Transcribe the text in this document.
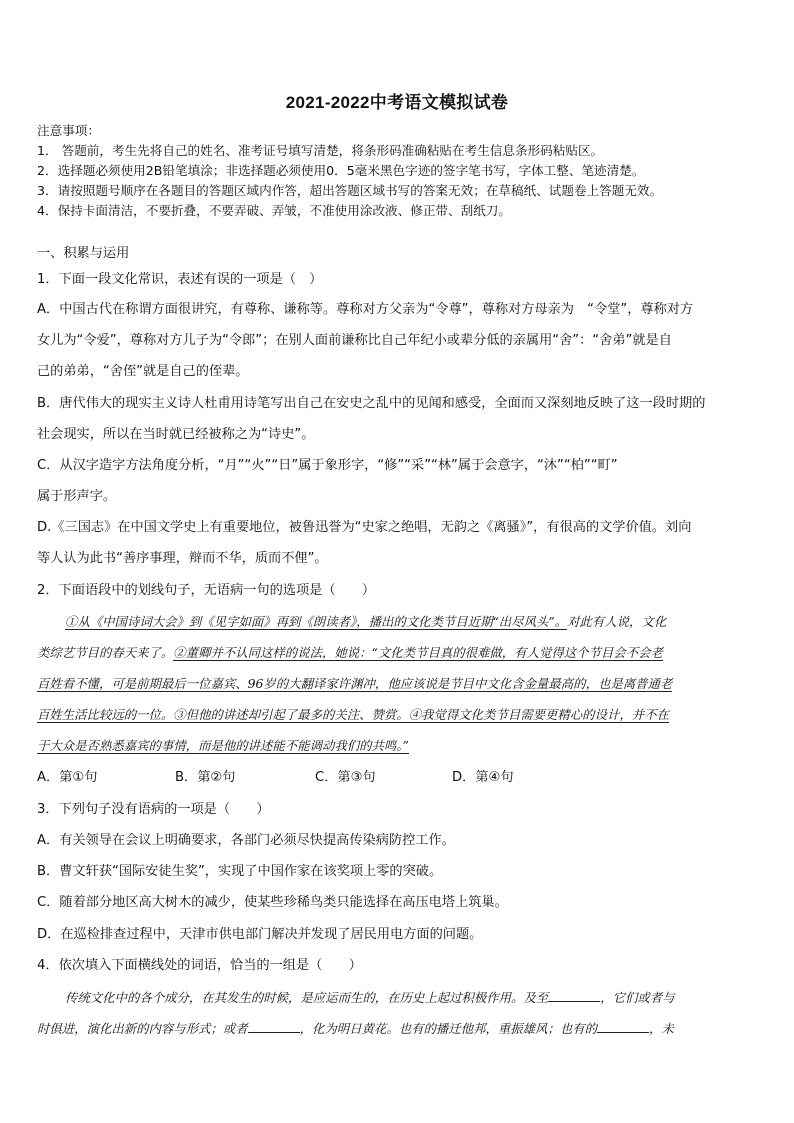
2021-2022中考语文模拟试卷
注意事项：
1． 答题前，考生先将自己的姓名、准考证号填写清楚，将条形码准确粘贴在考生信息条形码粘贴区。
2．选择题必须使用2B铅笔填涂；非选择题必须使用0．5毫米黑色字迹的签字笔书写，字体工整、笔迹清楚。
3．请按照题号顺序在各题目的答题区域内作答，超出答题区域书写的答案无效；在草稿纸、试题卷上答题无效。
4．保持卡面清洁，不要折叠，不要弄破、弄皱，不准使用涂改液、修正带、刮纸刀。
一、积累与运用
1．下面一段文化常识，表述有误的一项是（　）
A．中国古代在称谓方面很讲究，有尊称、谦称等。尊称对方父亲为“令尊”，尊称对方母亲为　“令堂”，尊称对方
女儿为“令爱”，尊称对方儿子为“令郎”；在别人面前谦称比自己年纪小或辈分低的亲属用“舍”：“舍弟”就是自
己的弟弟，“舍侄”就是自己的侄辈。
B．唐代伟大的现实主义诗人杜甫用诗笔写出自己在安史之乱中的见闻和感受，全面而又深刻地反映了这一段时期的
社会现实，所以在当时就已经被称之为“诗史”。
C．从汉字造字方法角度分析，“月”“火”“日”属于象形字，“修”“采”“林”属于会意字，“沐”“柏”“町”
属于形声字。
D.《三国志》在中国文学史上有重要地位，被鲁迅誉为“史家之绝唱，无韵之《离骚》”，有很高的文学价值。刘向
等人认为此书“善序事理，辩而不华，质而不俚”。
2．下面语段中的划线句子，无语病一句的选项是（　　）
①从《中国诗词大会》到《见字如面》再到《朗读者》，播出的文化类节目近期“出尽风头”。对此有人说，文化
类综艺节目的春天来了。②董卿并不认同这样的说法，她说：“文化类节目真的很难做，有人觉得这个节目会不会老
百姓看不懂，可是前期最后一位嘉宾、96岁的大翻译家许渊冲，他应该说是节目中文化含金量最高的，也是离普通老
百姓生活比较远的一位。③但他的讲述却引起了最多的关注、赞赏。④我觉得文化类节目需要更精心的设计，并不在
于大众是否熟悉嘉宾的事情，而是他的讲述能不能调动我们的共鸣。”
A．第①句	B．第②句	C．第③句	D．第④句
3．下列句子没有语病的一项是（　　）
A．有关领导在会议上明确要求，各部门必须尽快提高传染病防控工作。
B．曹文轩获“国际安徒生奖”，实现了中国作家在该奖项上零的突破。
C．随着部分地区高大树木的减少，使某些珍稀鸟类只能选择在高压电塔上筑巢。
D．在巡检排查过程中，天津市供电部门解决并发现了居民用电方面的问题。
4．依次填入下面横线处的词语，恰当的一组是（　　）
传统文化中的各个成分，在其发生的时候，是应运而生的，在历史上起过积极作用。及至	，它们或者与
时俱进，演化出新的内容与形式；或者	，化为明日黄花。也有的播迁他邦，重振雄风；也有的	，未
